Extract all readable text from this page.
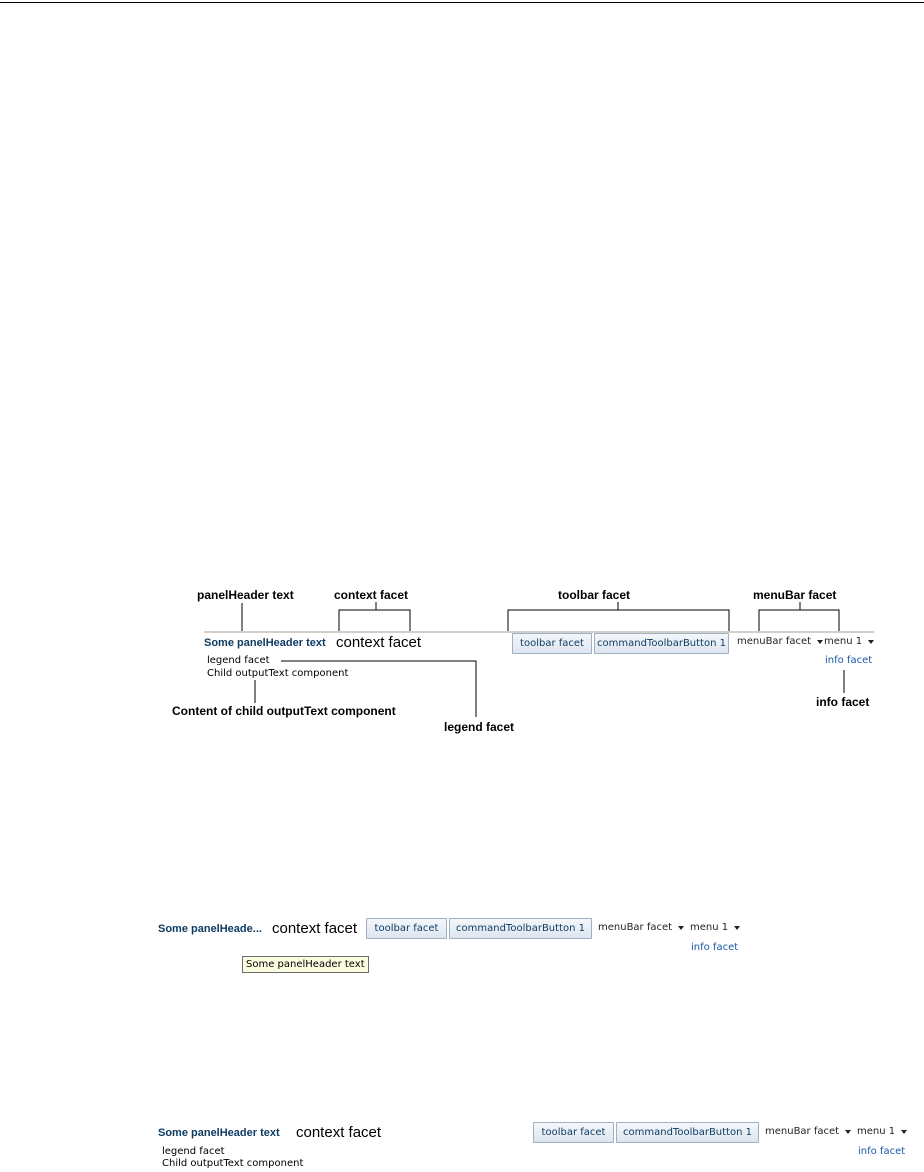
panelHeader text	context facet	toolbar facet	menuBar facet
Some panelHeader text context facet	toolbar facet	commandToolbarButton 1	menuBar facet menu 1
info facet
legend facet
Child outputText component
Content of child outputText component
legend facet
info facet
Some panelHeade... context facet	toolbar facet	commandToolbarButton 1	menuBar facet menu 1
info facet
Some panelHeader text
Some panelHeader text context facet	toolbar facet	commandToolbarButton 1	menuBar facet menu 1
info facet
legend facet
Child outputText component
